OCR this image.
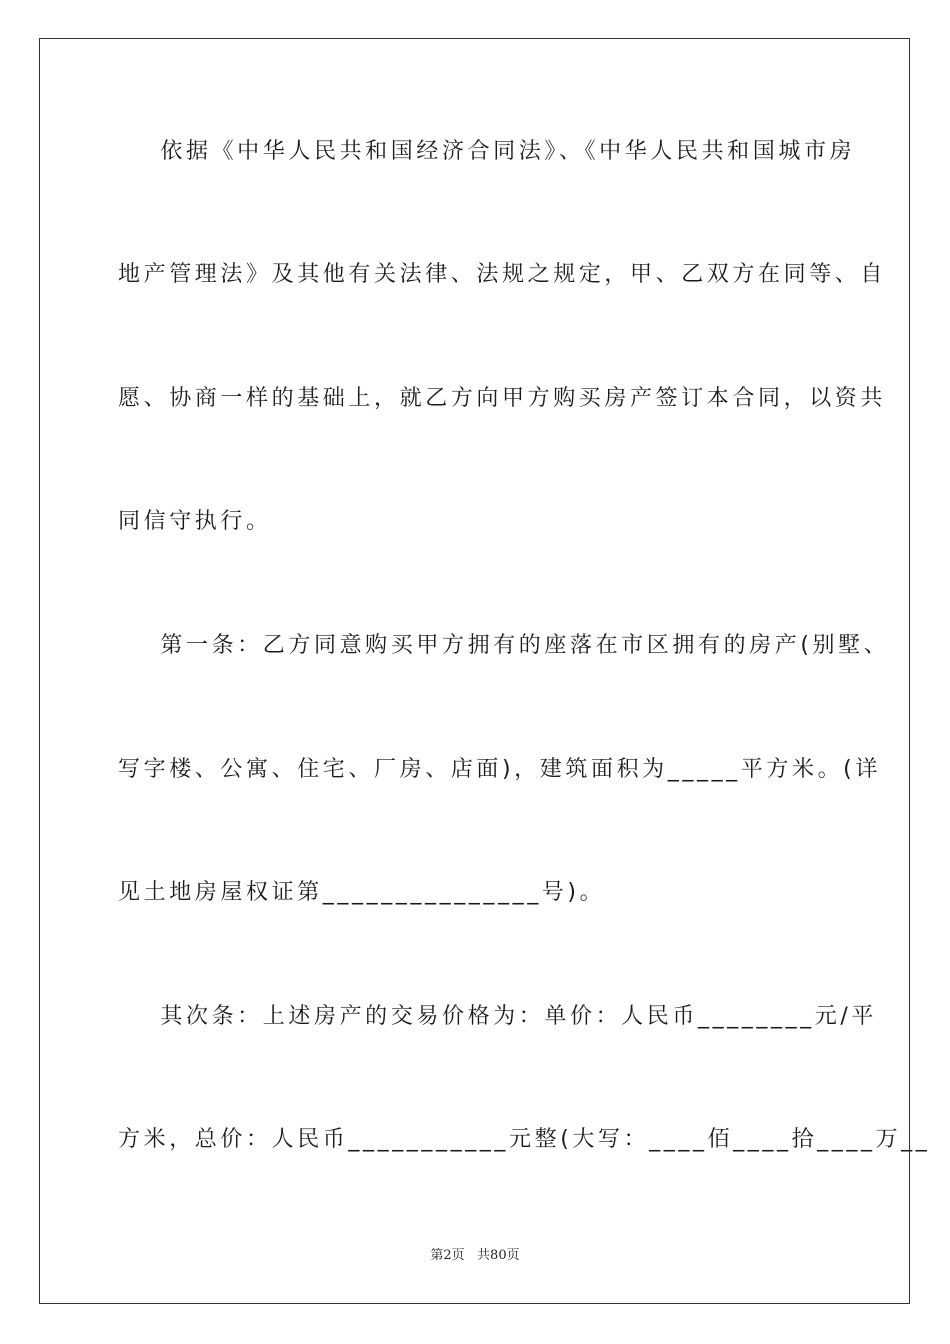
依据《中华人民共和国经济合同法》、《中华人民共和国城市房
地产管理法》及其他有关法律、法规之规定，甲、乙双方在同等、自
愿、协商一样的基础上，就乙方向甲方购买房产签订本合同，以资共
同信守执行。
第一条：乙方同意购买甲方拥有的座落在市区拥有的房产(别墅、
写字楼、公寓、住宅、厂房、店面)，建筑面积为_____平方米。(详
见土地房屋权证第_______________号)。
其次条：上述房产的交易价格为：单价：人民币________元/平
方米，总价：人民币___________元整(大写：____佰____拾____万__
第2页   共80页
